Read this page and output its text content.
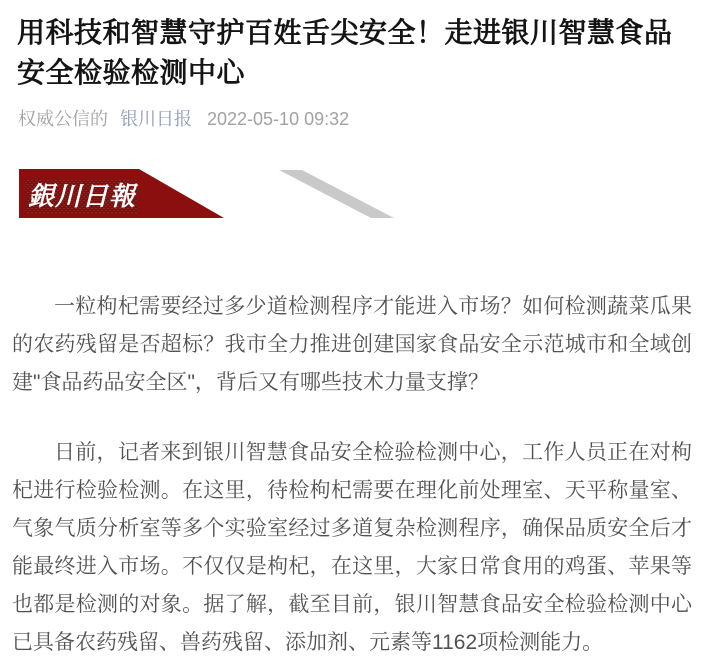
用科技和智慧守护百姓舌尖安全！走进银川智慧食品安全检验检测中心
权威公信的 银川日报 2022-05-10 09:32
銀川日報

一粒枸杞需要经过多少道检测程序才能进入市场？如何检测蔬菜瓜果的农药残留是否超标？我市全力推进创建国家食品安全示范城市和全域创建"食品药品安全区"，背后又有哪些技术力量支撑？

日前，记者来到银川智慧食品安全检验检测中心，工作人员正在对枸杞进行检验检测。在这里，待检枸杞需要在理化前处理室、天平称量室、气象气质分析室等多个实验室经过多道复杂检测程序，确保品质安全后才能最终进入市场。不仅仅是枸杞，在这里，大家日常食用的鸡蛋、苹果等也都是检测的对象。据了解，截至目前，银川智慧食品安全检验检测中心已具备农药残留、兽药残留、添加剂、元素等1162项检测能力。
